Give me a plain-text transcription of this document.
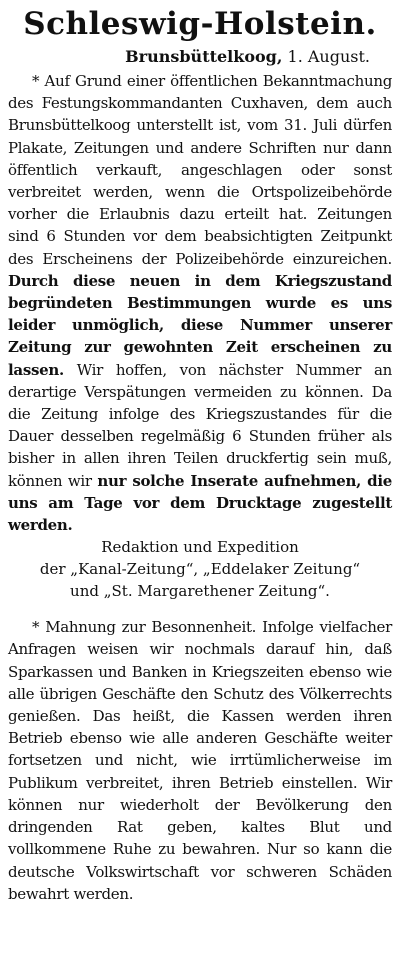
Schleswig-Holstein.

Brunsbüttelkoog, 1. August.

* Auf Grund einer öffentlichen Bekanntmachung des Festungskommandanten Cuxhaven, dem auch Brunsbüttelkoog unterstellt ist, vom 31. Juli dürfen Plakate, Zeitungen und andere Schriften nur dann öffentlich verkauft, angeschlagen oder sonst verbreitet werden, wenn die Ortspolizeibehörde vorher die Erlaubnis dazu erteilt hat. Zeitungen sind 6 Stunden vor dem beabsichtigten Zeitpunkt des Erscheinens der Polizeibehörde einzureichen. Durch diese neuen in dem Kriegszustand begründeten Bestimmungen wurde es uns leider unmöglich, diese Nummer unserer Zeitung zur gewohnten Zeit erscheinen zu lassen. Wir hoffen, von nächster Nummer an derartige Verspätungen vermeiden zu können. Da die Zeitung infolge des Kriegszustandes für die Dauer desselben regelmäßig 6 Stunden früher als bisher in allen ihren Teilen druckfertig sein muß, können wir nur solche Inserate aufnehmen, die uns am Tage vor dem Drucktage zugestellt werden.

Redaktion und Expedition

der „Kanal-Zeitung“, „Eddelaker Zeitung“

und „St. Margarethener Zeitung“.

* Mahnung zur Besonnenheit. Infolge vielfacher Anfragen weisen wir nochmals darauf hin, daß Sparkassen und Banken in Kriegszeiten ebenso wie alle übrigen Geschäfte den Schutz des Völkerrechts genießen. Das heißt, die Kassen werden ihren Betrieb ebenso wie alle anderen Geschäfte weiter fortsetzen und nicht, wie irrtümlicherweise im Publikum verbreitet, ihren Betrieb einstellen. Wir können nur wiederholt der Bevölkerung den dringenden Rat geben, kaltes Blut und vollkommene Ruhe zu bewahren. Nur so kann die deutsche Volkswirtschaft vor schweren Schäden bewahrt werden.
